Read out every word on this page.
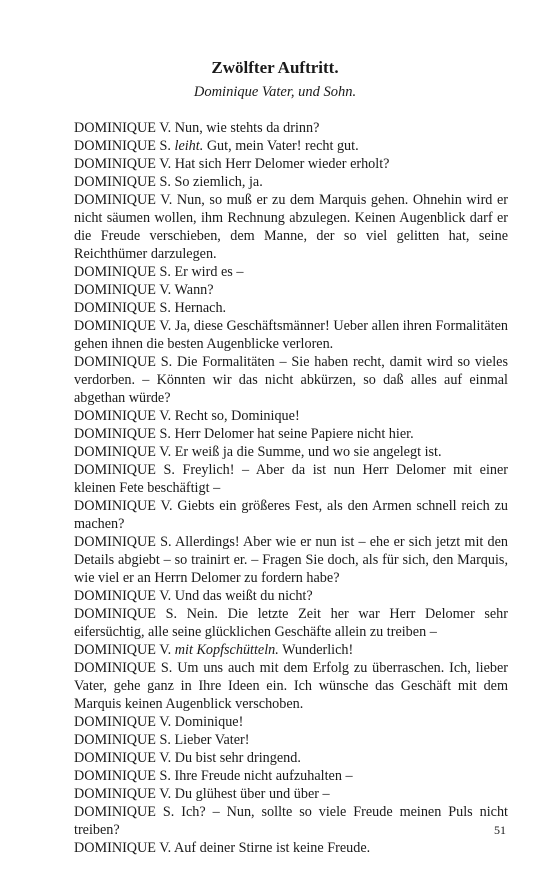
Zwölfter Auftritt.

Dominique Vater, und Sohn.

DOMINIQUE V. Nun, wie stehts da drinn?

DOMINIQUE S. leiht. Gut, mein Vater! recht gut.

DOMINIQUE V. Hat sich Herr Delomer wieder erholt?

DOMINIQUE S. So ziemlich, ja.

DOMINIQUE V. Nun, so muß er zu dem Marquis gehen. Ohnehin wird er nicht säumen wollen, ihm Rechnung abzulegen. Keinen Augenblick darf er die Freude verschieben, dem Manne, der so viel gelitten hat, seine Reichthümer darzulegen.

DOMINIQUE S. Er wird es –

DOMINIQUE V. Wann?

DOMINIQUE S. Hernach.

DOMINIQUE V. Ja, diese Geschäftsmänner! Ueber allen ihren Formalitäten gehen ihnen die besten Augenblicke verloren.

DOMINIQUE S. Die Formalitäten – Sie haben recht, damit wird so vieles verdorben. – Könnten wir das nicht abkürzen, so daß alles auf einmal abgethan würde?

DOMINIQUE V. Recht so, Dominique!

DOMINIQUE S. Herr Delomer hat seine Papiere nicht hier.

DOMINIQUE V. Er weiß ja die Summe, und wo sie angelegt ist.

DOMINIQUE S. Freylich! – Aber da ist nun Herr Delomer mit einer kleinen Fete beschäftigt –

DOMINIQUE V. Giebts ein größeres Fest, als den Armen schnell reich zu machen?

DOMINIQUE S. Allerdings! Aber wie er nun ist – ehe er sich jetzt mit den Details abgiebt – so trainirt er. – Fragen Sie doch, als für sich, den Marquis, wie viel er an Herrn Delomer zu fordern habe?

DOMINIQUE V. Und das weißt du nicht?

DOMINIQUE S. Nein. Die letzte Zeit her war Herr Delomer sehr eifersüchtig, alle seine glücklichen Geschäfte allein zu treiben –

DOMINIQUE V. mit Kopfschütteln. Wunderlich!

DOMINIQUE S. Um uns auch mit dem Erfolg zu überraschen. Ich, lieber Vater, gehe ganz in Ihre Ideen ein. Ich wünsche das Geschäft mit dem Marquis keinen Augenblick verschoben.

DOMINIQUE V. Dominique!

DOMINIQUE S. Lieber Vater!

DOMINIQUE V. Du bist sehr dringend.

DOMINIQUE S. Ihre Freude nicht aufzuhalten –

DOMINIQUE V. Du glühest über und über –

DOMINIQUE S. Ich? – Nun, sollte so viele Freude meinen Puls nicht treiben?

DOMINIQUE V. Auf deiner Stirne ist keine Freude.

51
